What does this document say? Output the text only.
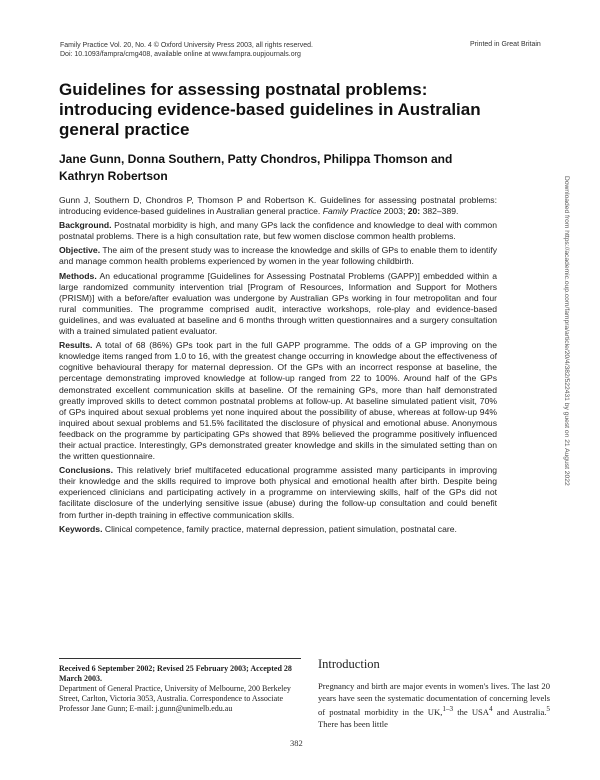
Family Practice Vol. 20, No. 4 © Oxford University Press 2003, all rights reserved.
Doi: 10.1093/fampra/cmg408, available online at www.fampra.oupjournals.org
Printed in Great Britain
Guidelines for assessing postnatal problems: introducing evidence-based guidelines in Australian general practice
Jane Gunn, Donna Southern, Patty Chondros, Philippa Thomson and Kathryn Robertson

Gunn J, Southern D, Chondros P, Thomson P and Robertson K. Guidelines for assessing postnatal problems: introducing evidence-based guidelines in Australian general practice. Family Practice 2003; 20: 382–389.

Background. Postnatal morbidity is high, and many GPs lack the confidence and knowledge to deal with common postnatal problems. There is a high consultation rate, but few women disclose common health problems.

Objective. The aim of the present study was to increase the knowledge and skills of GPs to enable them to identify and manage common health problems experienced by women in the year following childbirth.

Methods. An educational programme [Guidelines for Assessing Postnatal Problems (GAPP)] embedded within a large randomized community intervention trial [Program of Resources, Information and Support for Mothers (PRISM)] with a before/after evaluation was undergone by Australian GPs working in four metropolitan and four rural communities. The programme comprised audit, interactive workshops, role-play and evidence-based guidelines, and was evaluated at baseline and 6 months through written questionnaires and a surgery consultation with a trained simulated patient evaluator.

Results. A total of 68 (86%) GPs took part in the full GAPP programme. The odds of a GP improving on the knowledge items ranged from 1.0 to 16, with the greatest change occurring in knowledge about the effectiveness of cognitive behavioural therapy for maternal depression. Of the GPs with an incorrect response at baseline, the percentage demonstrating improved knowledge at follow-up ranged from 22 to 100%. Around half of the GPs demonstrated excellent communication skills at baseline. Of the remaining GPs, more than half demonstrated greatly improved skills to detect common postnatal problems at follow-up. At baseline simulated patient visit, 70% of GPs inquired about sexual problems yet none inquired about the possibility of abuse, whereas at follow-up 94% inquired about sexual problems and 51.5% facilitated the disclosure of physical and emotional abuse. Anonymous feedback on the programme by participating GPs showed that 89% believed the programme positively influenced their actual practice. Interestingly, GPs demonstrated greater knowledge and skills in the simulated setting than on the written questionnaire.

Conclusions. This relatively brief multifaceted educational programme assisted many participants in improving their knowledge and the skills required to improve both physical and emotional health after birth. Despite being experienced clinicians and participating actively in a programme on interviewing skills, half of the GPs did not facilitate disclosure of the underlying sensitive issue (abuse) during the follow-up consultation and could benefit from further in-depth training in effective communication skills.

Keywords. Clinical competence, family practice, maternal depression, patient simulation, postnatal care.

Received 6 September 2002; Revised 25 February 2003; Accepted 28 March 2003.
Department of General Practice, University of Melbourne, 200 Berkeley Street, Carlton, Victoria 3053, Australia. Correspondence to Associate Professor Jane Gunn; E-mail: j.gunn@unimelb.edu.au
Introduction
Pregnancy and birth are major events in women's lives. The last 20 years have seen the systematic documentation of concerning levels of postnatal morbidity in the UK,$^{1-3}$ the USA$^4$ and Australia.$^5$ There has been little
382
Downloaded from https://academic.oup.com/fampra/article/20/4/382/522431 by guest on 21 August 2022
